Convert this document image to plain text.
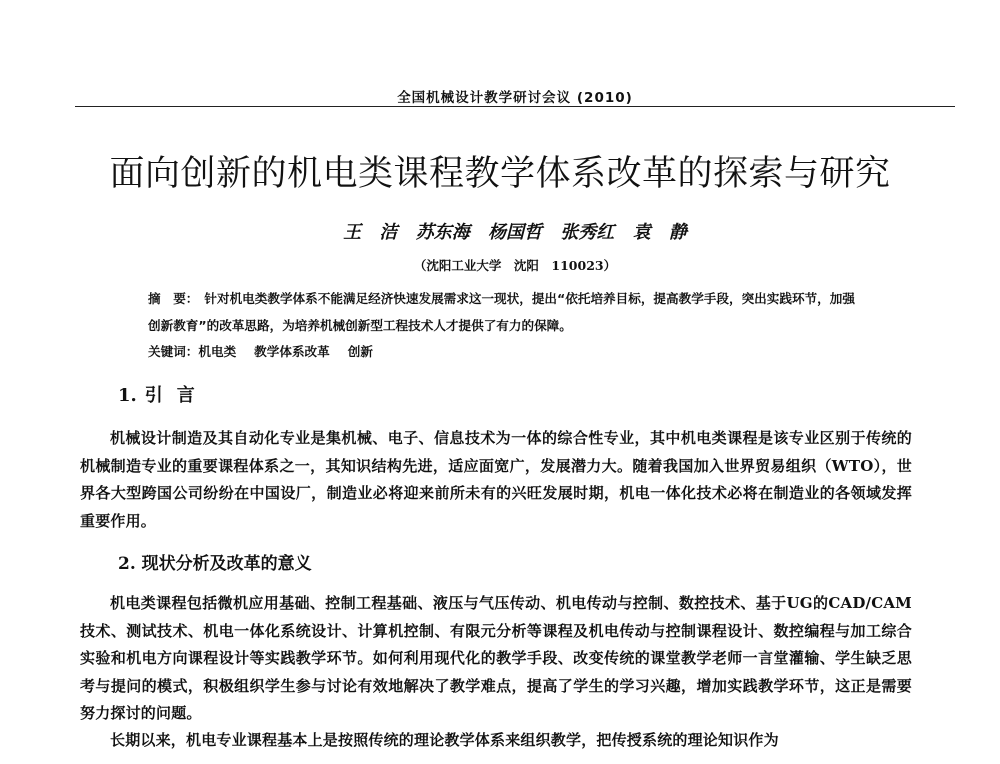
全国机械设计教学研讨会议 (2010)
面向创新的机电类课程教学体系改革的探索与研究
王 洁 苏东海 杨国哲 张秀红 袁 静
（沈阳工业大学　沈阳　110023）
摘　要： 针对机电类教学体系不能满足经济快速发展需求这一现状，提出“依托培养目标，提高教学手段，突出实践环节，加强创新教育”的改革思路，为培养机械创新型工程技术人才提供了有力的保障。
关键词：机电类 教学体系改革 创新
1. 引言
机械设计制造及其自动化专业是集机械、电子、信息技术为一体的综合性专业，其中机电类课程是该专业区别于传统的机械制造专业的重要课程体系之一，其知识结构先进，适应面宽广，发展潜力大。随着我国加入世界贸易组织（WTO），世界各大型跨国公司纷纷在中国设厂，制造业必将迎来前所未有的兴旺发展时期，机电一体化技术必将在制造业的各领域发挥重要作用。
2. 现状分析及改革的意义
机电类课程包括微机应用基础、控制工程基础、液压与气压传动、机电传动与控制、数控技术、基于UG的CAD/CAM技术、测试技术、机电一体化系统设计、计算机控制、有限元分析等课程及机电传动与控制课程设计、数控编程与加工综合实验和机电方向课程设计等实践教学环节。如何利用现代化的教学手段、改变传统的课堂教学老师一言堂灌输、学生缺乏思考与提问的模式，积极组织学生参与讨论有效地解决了教学难点，提高了学生的学习兴趣，增加实践教学环节，这正是需要努力探讨的问题。
长期以来，机电专业课程基本上是按照传统的理论教学体系来组织教学，把传授系统的理论知识作为
